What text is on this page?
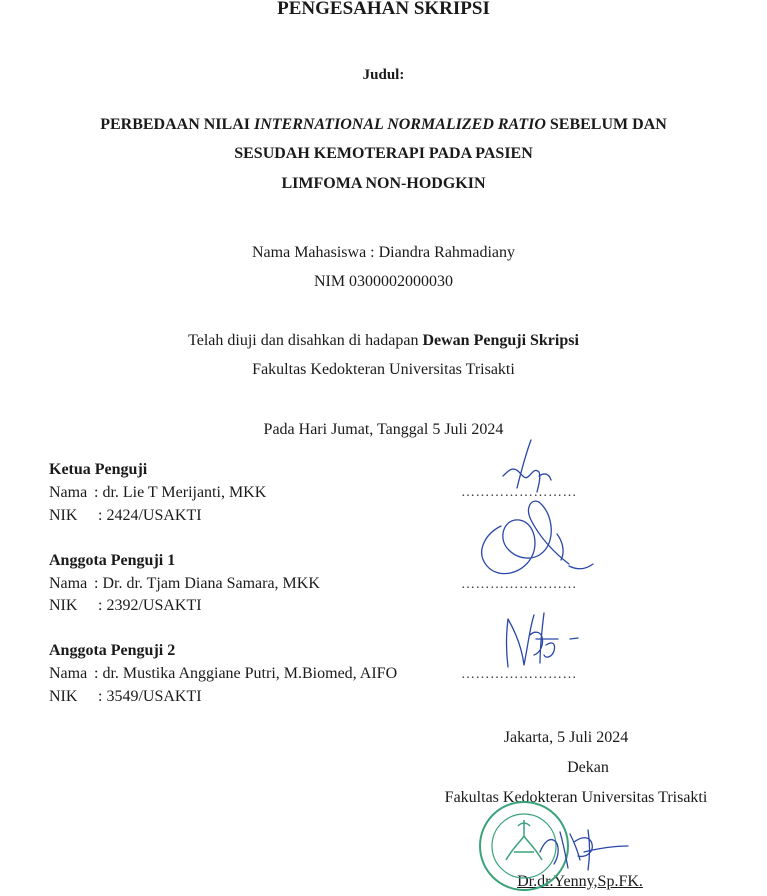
PENGESAHAN SKRIPSI
Judul:
PERBEDAAN NILAI INTERNATIONAL NORMALIZED RATIO SEBELUM DAN
SESUDAH KEMOTERAPI PADA PASIEN
LIMFOMA NON-HODGKIN
Nama Mahasiswa : Diandra Rahmadiany
NIM 0300002000030
Telah diuji dan disahkan di hadapan Dewan Penguji Skripsi
Fakultas Kedokteran Universitas Trisakti
Pada Hari Jumat, Tanggal 5 Juli 2024
Ketua Penguji
Nama : dr. Lie T Merijanti, MKK
NIK : 2424/USAKTI
……………………
Anggota Penguji 1
Nama : Dr. dr. Tjam Diana Samara, MKK
NIK : 2392/USAKTI
……………………
Anggota Penguji 2
Nama : dr. Mustika Anggiane Putri, M.Biomed, AIFO
NIK : 3549/USAKTI
……………………
Jakarta, 5 Juli 2024
Dekan
Fakultas Kedokteran Universitas Trisakti
Dr.dr.Yenny,Sp.FK.
